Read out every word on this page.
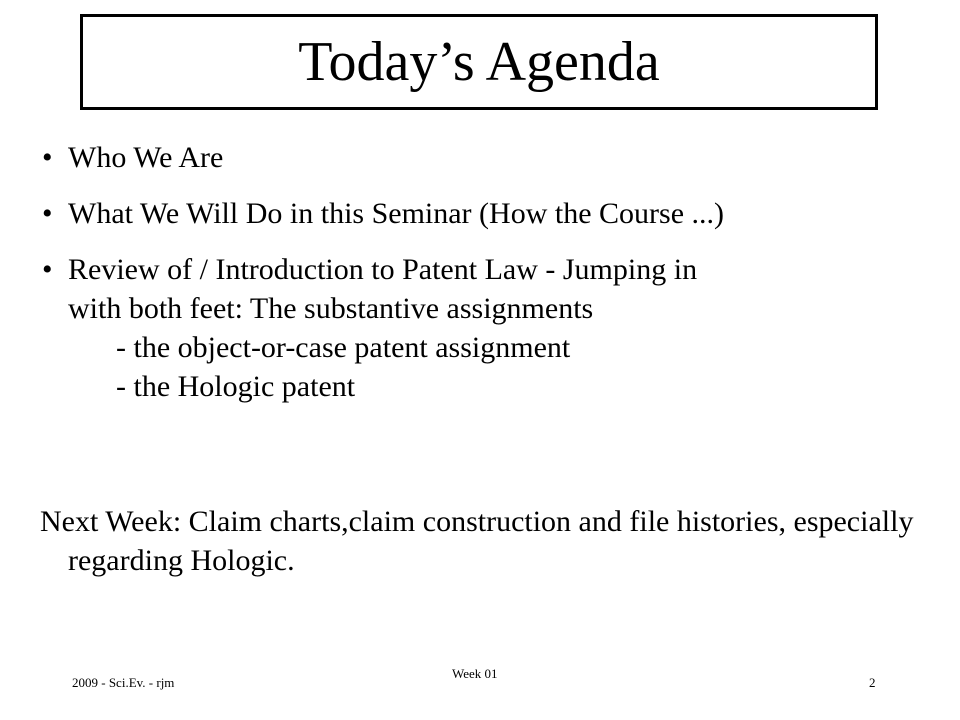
Today’s Agenda
• Who We Are
• What We Will Do in this Seminar (How the Course ...)
• Review of / Introduction to Patent Law - Jumping in
with both feet: The substantive assignments
- the object-or-case patent assignment
- the Hologic patent
Next Week: Claim charts,claim construction and file histories, especially regarding Hologic.
2009 - Sci.Ev. - rjm
Week 01
2
